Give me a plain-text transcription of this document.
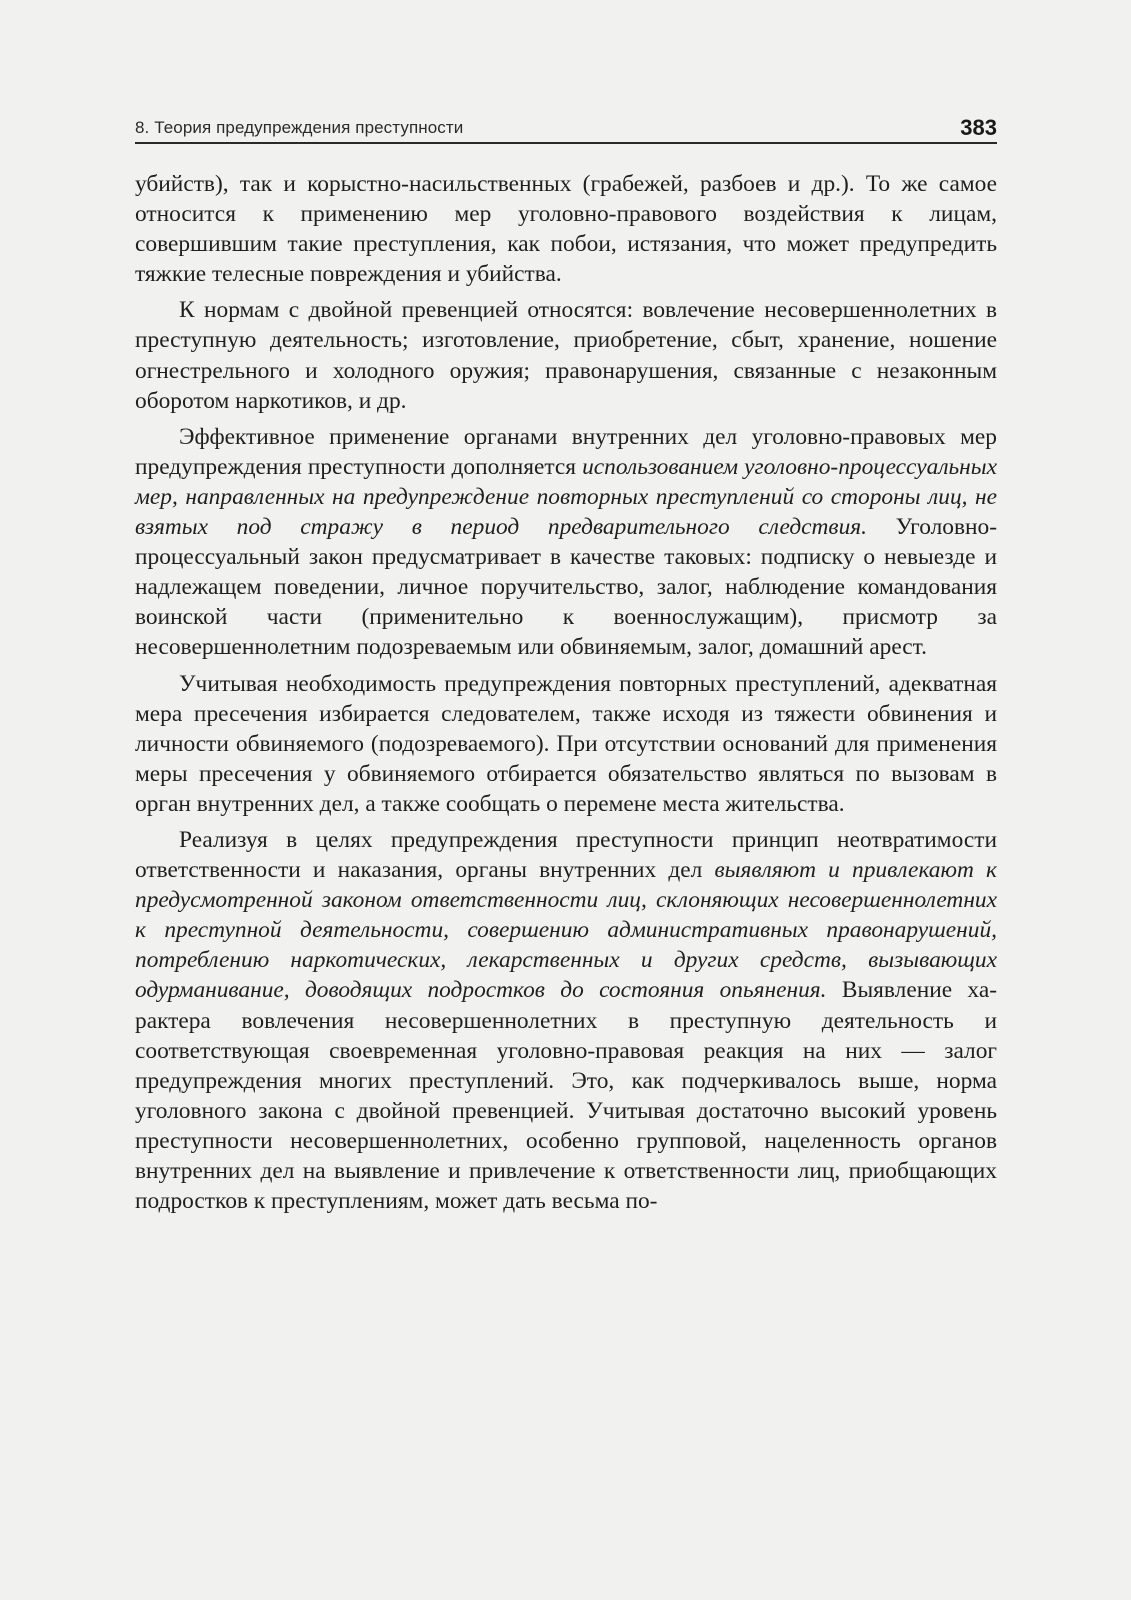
8. Теория предупреждения преступности	383

убийств), так и корыстно-насильственных (грабежей, разбоев и др.). То же самое относится к применению мер уголовно-правового воздействия к лицам, совершившим такие преступления, как побои, истязания, что может предупредить тяжкие телесные повреждения и убийства.

К нормам с двойной превенцией относятся: вовлечение несовершеннолетних в преступную деятельность; изготовление, приобретение, сбыт, хранение, ношение огнестрельного и холодного оружия; правонарушения, связанные с незаконным оборотом наркотиков, и др.

Эффективное применение органами внутренних дел уголовно-правовых мер предупреждения преступности дополняется использованием уголовно-процессуальных мер, направленных на предупреждение повторных преступлений со стороны лиц, не взятых под стражу в период предварительного следствия. Уголовно-процессуальный закон предусматривает в качестве таковых: подписку о невыезде и надлежащем поведении, личное поручительство, залог, наблюдение командования воинской части (применительно к военнослужащим), присмотр за несовершеннолетним подозреваемым или обвиняемым, залог, домашний арест.

Учитывая необходимость предупреждения повторных преступлений, адекватная мера пресечения избирается следователем, также исходя из тяжести обвинения и личности обвиняемого (подозреваемого). При отсутствии оснований для применения меры пресечения у обвиняемого отбирается обязательство являться по вызовам в орган внутренних дел, а также сообщать о перемене места жительства.

Реализуя в целях предупреждения преступности принцип неотвратимости ответственности и наказания, органы внутренних дел выявляют и привлекают к предусмотренной законом ответственности лиц, склоняющих несовершеннолетних к преступной деятельности, совершению административных правонарушений, потреблению наркотических, лекарственных и других средств, вызывающих одурманивание, доводящих подростков до состояния опьянения. Выявление характера вовлечения несовершеннолетних в преступную деятельность и соответствующая своевременная уголовно-правовая реакция на них — залог предупреждения многих преступлений. Это, как подчеркивалось выше, норма уголовного закона с двойной превенцией. Учитывая достаточно высокий уровень преступности несовершеннолетних, особенно групповой, нацеленность органов внутренних дел на выявление и привлечение к ответственности лиц, приобщающих подростков к преступлениям, может дать весьма по-
